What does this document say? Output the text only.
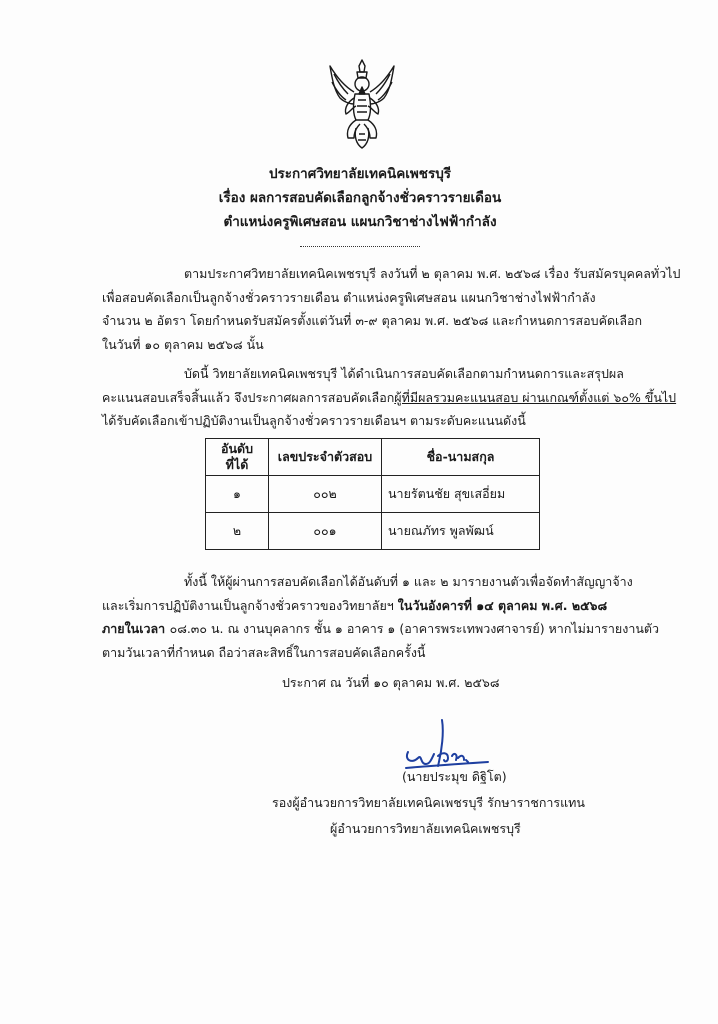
ประกาศวิทยาลัยเทคนิคเพชรบุรี
เรื่อง ผลการสอบคัดเลือกลูกจ้างชั่วคราวรายเดือน
ตำแหน่งครูพิเศษสอน แผนกวิชาช่างไฟฟ้ากำลัง
ตามประกาศวิทยาลัยเทคนิคเพชรบุรี ลงวันที่ ๒ ตุลาคม พ.ศ. ๒๕๖๘ เรื่อง รับสมัครบุคคลทั่วไป
เพื่อสอบคัดเลือกเป็นลูกจ้างชั่วคราวรายเดือน ตำแหน่งครูพิเศษสอน แผนกวิชาช่างไฟฟ้ากำลัง
จำนวน ๒ อัตรา โดยกำหนดรับสมัครตั้งแต่วันที่ ๓-๙ ตุลาคม พ.ศ. ๒๕๖๘ และกำหนดการสอบคัดเลือก
ในวันที่ ๑๐ ตุลาคม ๒๕๖๘ นั้น
บัดนี้ วิทยาลัยเทคนิคเพชรบุรี ได้ดำเนินการสอบคัดเลือกตามกำหนดการและสรุปผล
คะแนนสอบเสร็จสิ้นแล้ว จึงประกาศผลการสอบคัดเลือกผู้ที่มีผลรวมคะแนนสอบ ผ่านเกณฑ์ตั้งแต่ ๖๐% ขึ้นไป
ได้รับคัดเลือกเข้าปฏิบัติงานเป็นลูกจ้างชั่วคราวรายเดือนฯ ตามระดับคะแนนดังนี้
อันดับ
ที่ได้	เลขประจำตัวสอบ	ชื่อ-นามสกุล
๑	๐๐๒	นายรัตนชัย สุขเสอี่ยม
๒	๐๐๑	นายณภัทร พูลพัฒน์
ทั้งนี้ ให้ผู้ผ่านการสอบคัดเลือกได้อันดับที่ ๑ และ ๒ มารายงานตัวเพื่อจัดทำสัญญาจ้าง
และเริ่มการปฏิบัติงานเป็นลูกจ้างชั่วคราวของวิทยาลัยฯ ในวันอังคารที่ ๑๔ ตุลาคม พ.ศ. ๒๕๖๘
ภายในเวลา ๐๘.๓๐ น. ณ งานบุคลากร ชั้น ๑ อาคาร ๑ (อาคารพระเทพวงศาจารย์) หากไม่มารายงานตัว
ตามวันเวลาที่กำหนด ถือว่าสละสิทธิ์ในการสอบคัดเลือกครั้งนี้
ประกาศ ณ วันที่ ๑๐ ตุลาคม พ.ศ. ๒๕๖๘
(นายประมุข ดิฐิโต)
รองผู้อำนวยการวิทยาลัยเทคนิคเพชรบุรี รักษาราชการแทน
ผู้อำนวยการวิทยาลัยเทคนิคเพชรบุรี
